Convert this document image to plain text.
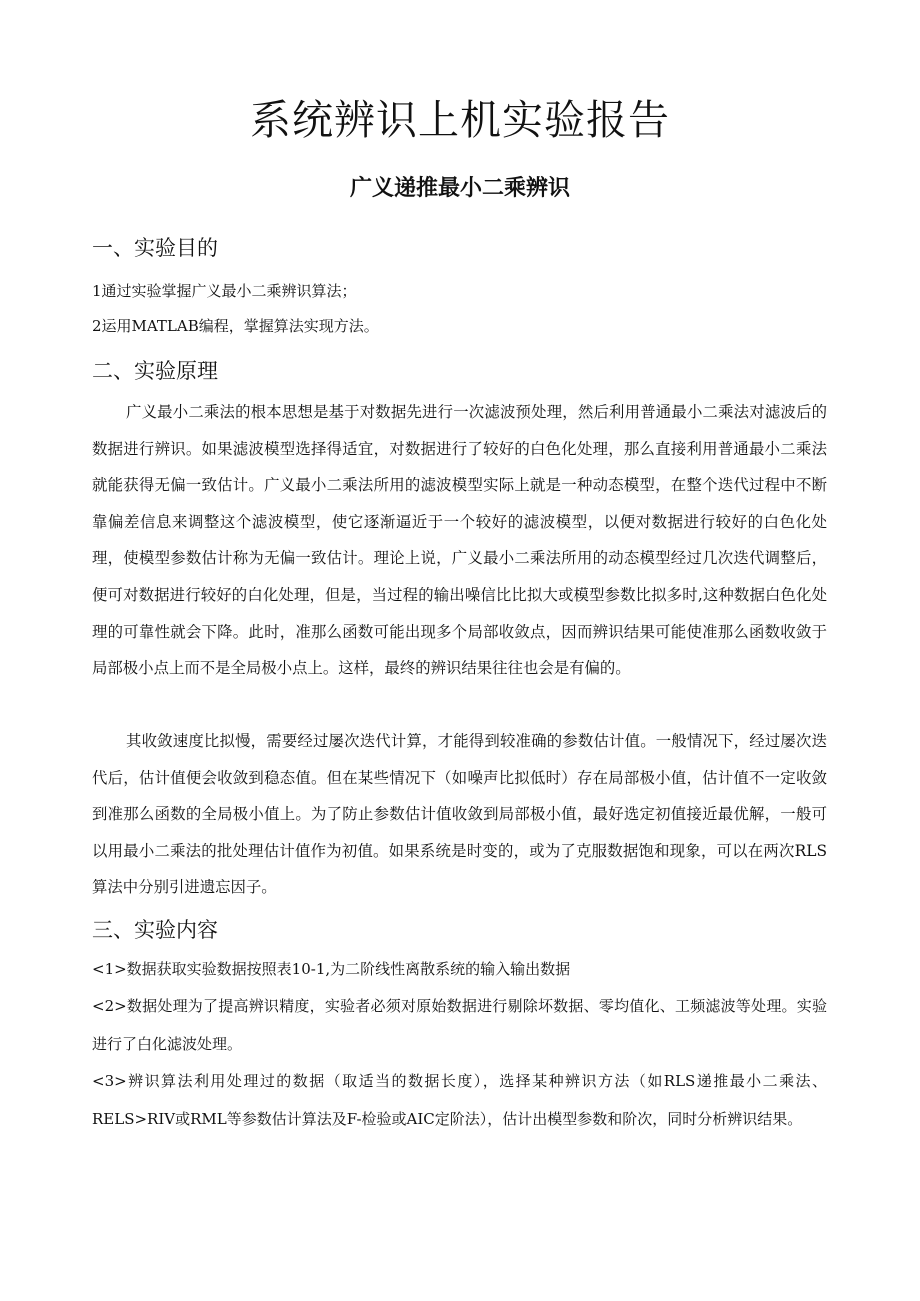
系统辨识上机实验报告
广义递推最小二乘辨识
一、实验目的

1通过实验掌握广义最小二乘辨识算法；

2运用MATLAB编程，掌握算法实现方法。

二、实验原理

广义最小二乘法的根本思想是基于对数据先进行一次滤波预处理，然后利用普通最小二乘法对滤波后的数据进行辨识。如果滤波模型选择得适宜，对数据进行了较好的白色化处理，那么直接利用普通最小二乘法就能获得无偏一致估计。广义最小二乘法所用的滤波模型实际上就是一种动态模型，在整个迭代过程中不断靠偏差信息来调整这个滤波模型，使它逐渐逼近于一个较好的滤波模型，以便对数据进行较好的白色化处理，使模型参数估计称为无偏一致估计。理论上说，广义最小二乘法所用的动态模型经过几次迭代调整后，便可对数据进行较好的白化处理，但是，当过程的输出噪信比比拟大或模型参数比拟多时,这种数据白色化处理的可靠性就会下降。此时，准那么函数可能出现多个局部收敛点，因而辨识结果可能使准那么函数收敛于局部极小点上而不是全局极小点上。这样，最终的辨识结果往往也会是有偏的。

其收敛速度比拟慢，需要经过屡次迭代计算，才能得到较准确的参数估计值。一般情况下，经过屡次迭代后，估计值便会收敛到稳态值。但在某些情况下（如噪声比拟低时）存在局部极小值，估计值不一定收敛到准那么函数的全局极小值上。为了防止参数估计值收敛到局部极小值，最好选定初值接近最优解，一般可以用最小二乘法的批处理估计值作为初值。如果系统是时变的，或为了克服数据饱和现象，可以在两次RLS算法中分别引进遗忘因子。

三、实验内容

<1>数据获取实验数据按照表10-1,为二阶线性离散系统的输入输出数据

<2>数据处理为了提高辨识精度，实验者必须对原始数据进行剔除坏数据、零均值化、工频滤波等处理。实验进行了白化滤波处理。

<3>辨识算法利用处理过的数据（取适当的数据长度），选择某种辨识方法（如RLS递推最小二乘法、RELS>RIV或RML等参数估计算法及F-检验或AIC定阶法），估计出模型参数和阶次，同时分析辨识结果。
